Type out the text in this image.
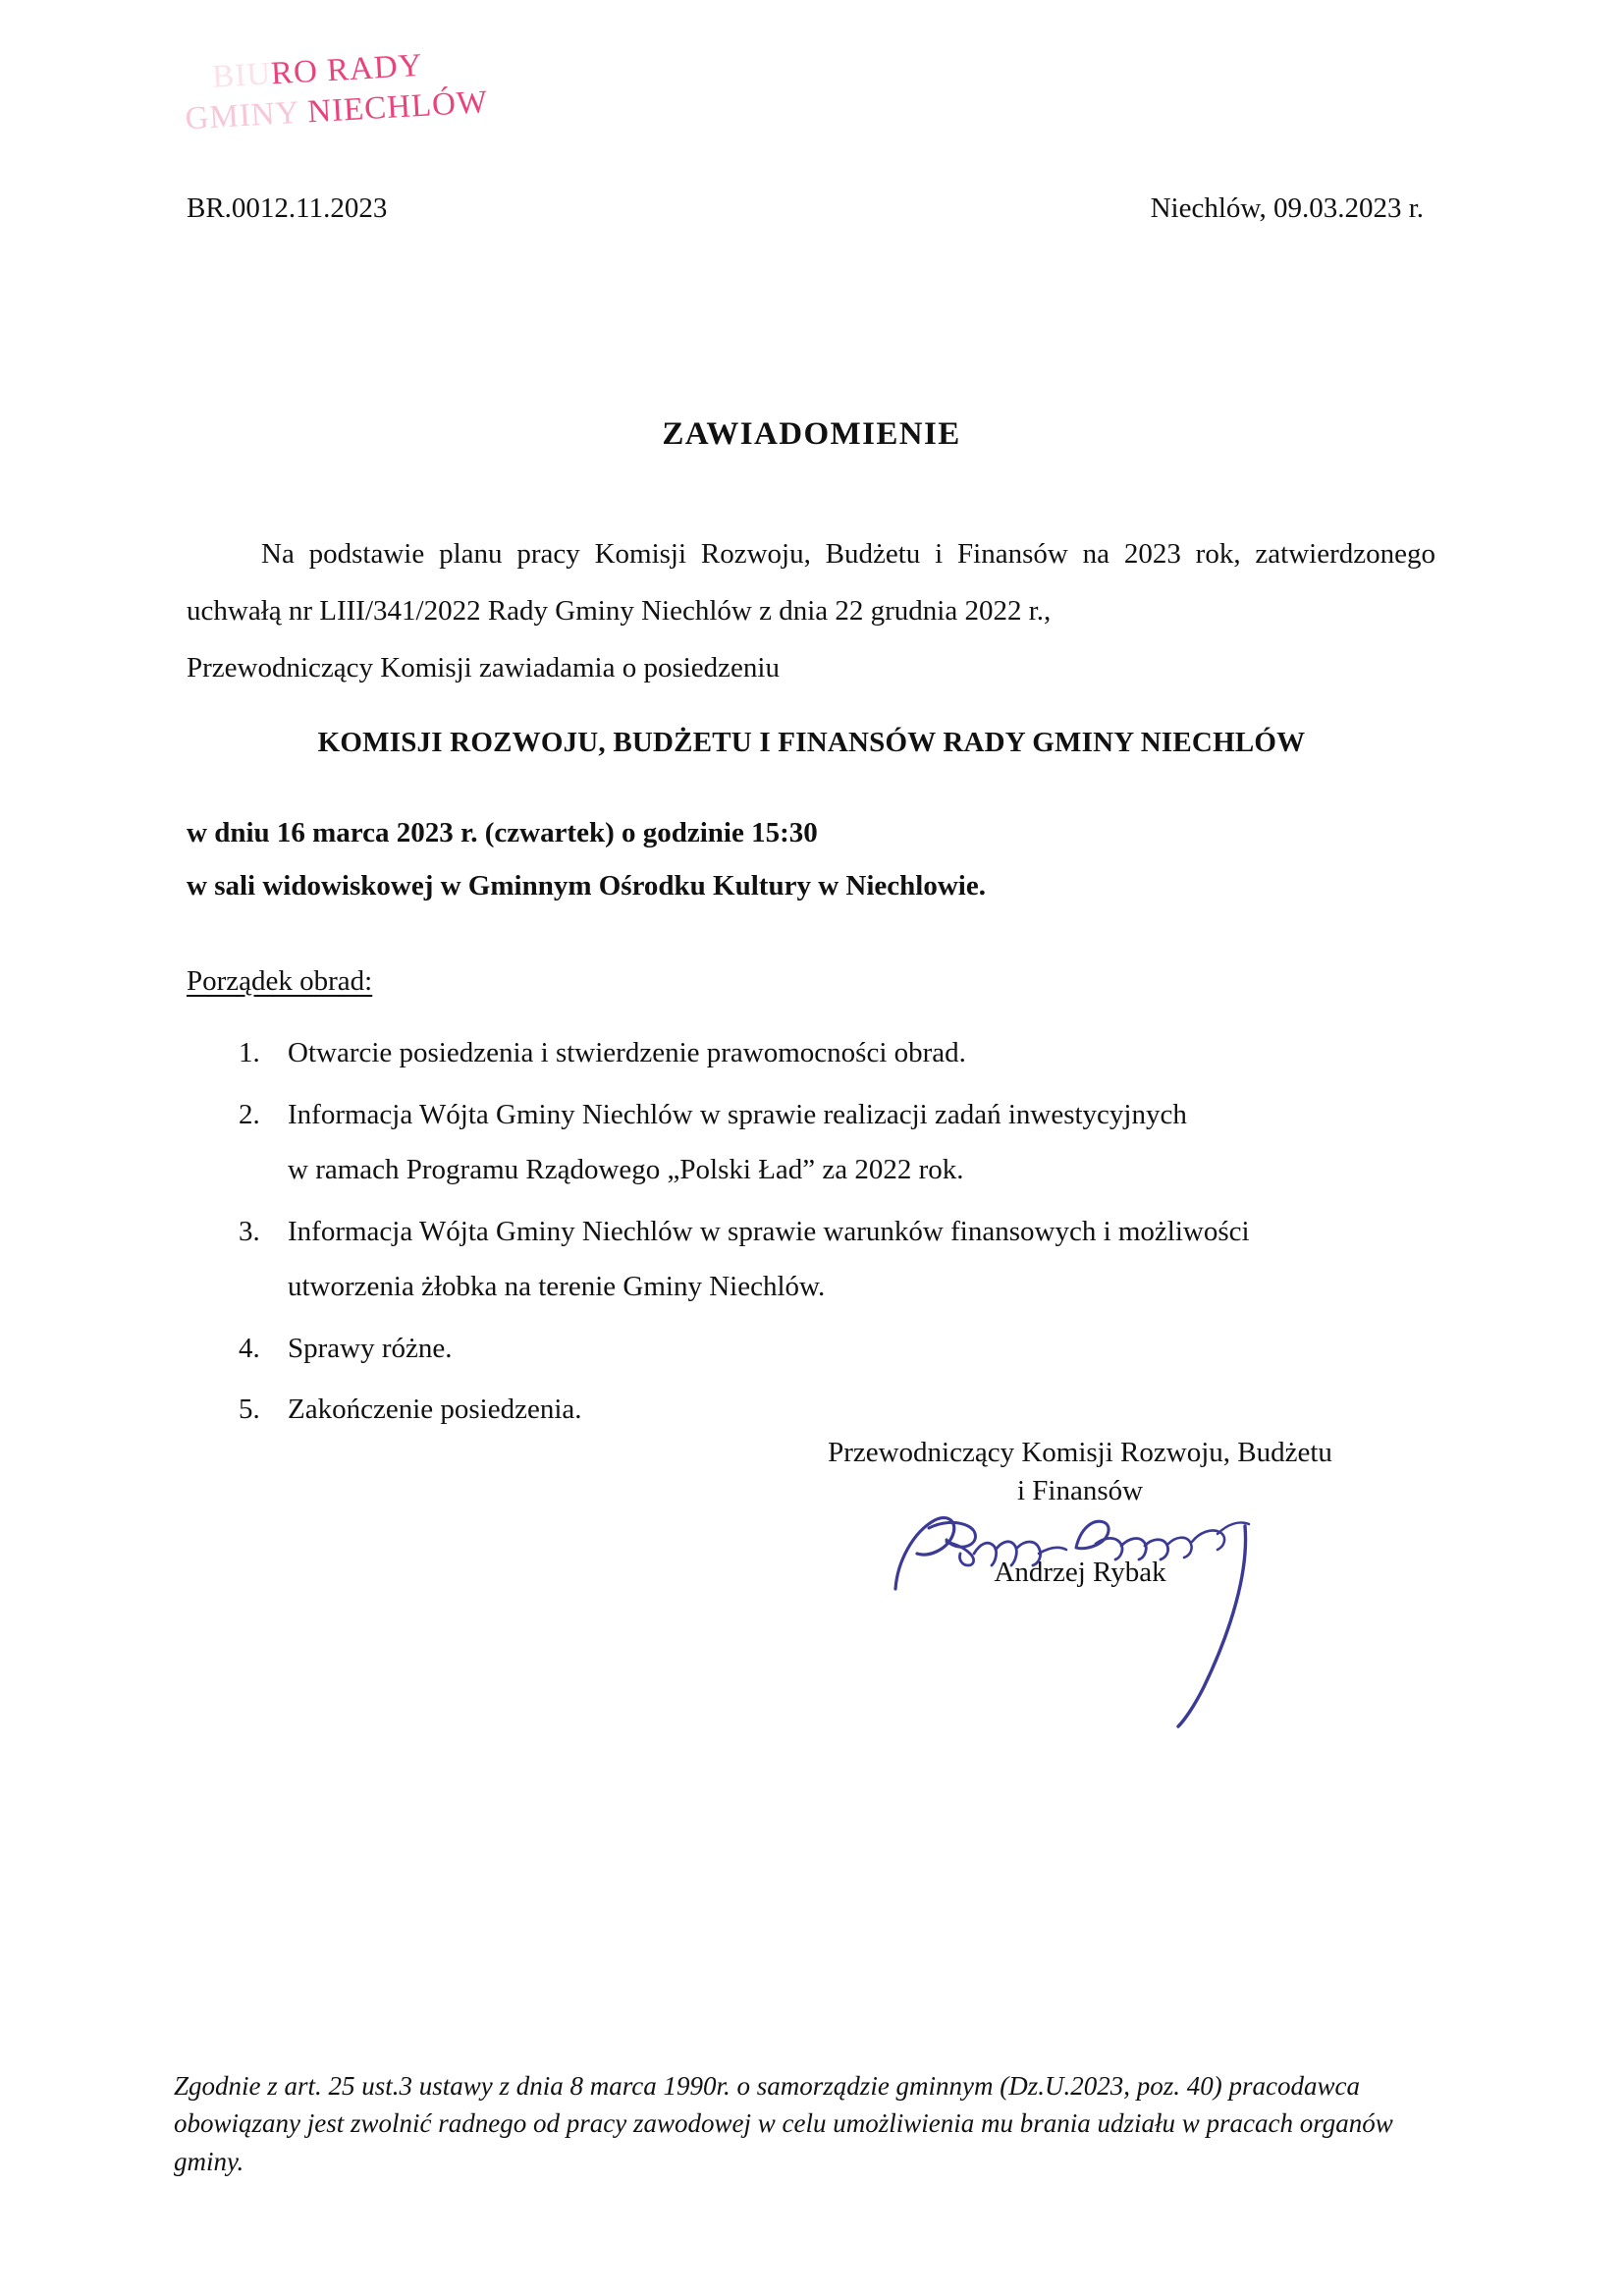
BIURO RADY
GMINY NIECHLÓW
BR.0012.11.2023	Niechlów, 09.03.2023 r.
ZAWIADOMIENIE
Na podstawie planu pracy Komisji Rozwoju, Budżetu i Finansów na 2023 rok, zatwierdzonego uchwałą nr LIII/341/2022 Rady Gminy Niechlów z dnia 22 grudnia 2022 r.,
Przewodniczący Komisji zawiadamia o posiedzeniu
KOMISJI ROZWOJU, BUDŻETU I FINANSÓW RADY GMINY NIECHLÓW
w dniu 16 marca 2023 r. (czwartek) o godzinie 15:30
w sali widowiskowej w Gminnym Ośrodku Kultury w Niechlowie.
Porządek obrad:
1. Otwarcie posiedzenia i stwierdzenie prawomocności obrad.

2. Informacja Wójta Gminy Niechlów w sprawie realizacji zadań inwestycyjnych

w ramach Programu Rządowego „Polski Ład” za 2022 rok.

3. Informacja Wójta Gminy Niechlów w sprawie warunków finansowych i możliwości

utworzenia żłobka na terenie Gminy Niechlów.

4. Sprawy różne.

5. Zakończenie posiedzenia.

Przewodniczący Komisji Rozwoju, Budżetu
i Finansów
Andrzej Rybak
Zgodnie z art. 25 ust.3 ustawy z dnia 8 marca 1990r. o samorządzie gminnym (Dz.U.2023, poz. 40) pracodawca obowiązany jest zwolnić radnego od pracy zawodowej w celu umożliwienia mu brania udziału w pracach organów gminy.
